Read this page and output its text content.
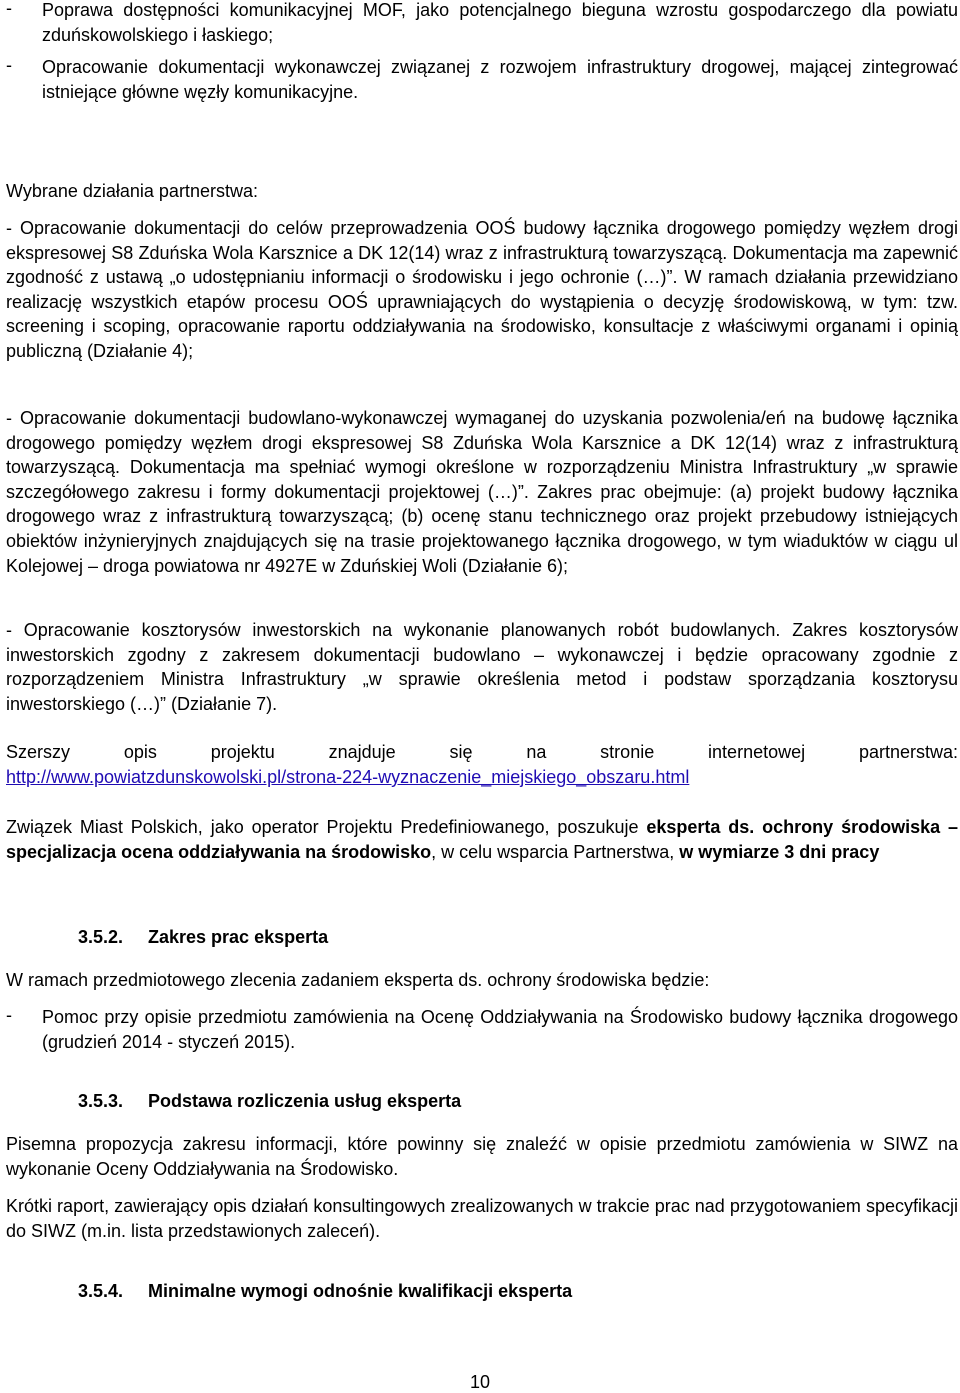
-	Poprawa dostępności komunikacyjnej MOF, jako potencjalnego bieguna wzrostu gospodarczego dla powiatu zduńskowolskiego i łaskiego;

-	Opracowanie dokumentacji wykonawczej związanej z rozwojem infrastruktury drogowej, mającej zintegrować istniejące główne węzły komunikacyjne.

Wybrane działania partnerstwa:

- Opracowanie dokumentacji do celów przeprowadzenia OOŚ budowy łącznika drogowego pomiędzy węzłem drogi ekspresowej S8 Zduńska Wola Karsznice a DK 12(14) wraz z infrastrukturą towarzyszącą. Dokumentacja ma zapewnić zgodność z ustawą „o udostępnianiu informacji o środowisku i jego ochronie (…)”. W ramach działania przewidziano realizację wszystkich etapów procesu OOŚ uprawniających do wystąpienia o decyzję środowiskową, w tym: tzw. screening i scoping, opracowanie raportu oddziaływania na środowisko, konsultacje z właściwymi organami i opinią publiczną (Działanie 4);

- Opracowanie dokumentacji budowlano-wykonawczej wymaganej do uzyskania pozwolenia/eń na budowę łącznika drogowego pomiędzy węzłem drogi ekspresowej S8 Zduńska Wola Karsznice a DK 12(14) wraz z infrastrukturą towarzyszącą. Dokumentacja ma spełniać wymogi określone w rozporządzeniu Ministra Infrastruktury „w sprawie szczegółowego zakresu i formy dokumentacji projektowej (…)”. Zakres prac obejmuje: (a) projekt budowy łącznika drogowego wraz z infrastrukturą towarzyszącą; (b) ocenę stanu technicznego oraz projekt przebudowy istniejących obiektów inżynieryjnych znajdujących się na trasie projektowanego łącznika drogowego, w tym wiaduktów w ciągu ul Kolejowej – droga powiatowa nr 4927E w Zduńskiej Woli (Działanie 6);

- Opracowanie kosztorysów inwestorskich na wykonanie planowanych robót budowlanych. Zakres kosztorysów inwestorskich zgodny z zakresem dokumentacji budowlano – wykonawczej i będzie opracowany zgodnie z rozporządzeniem Ministra Infrastruktury „w sprawie określenia metod i podstaw sporządzania kosztorysu inwestorskiego (…)” (Działanie 7).

Szerszy opis projektu znajduje się na stronie internetowej partnerstwa:

http://www.powiatzdunskowolski.pl/strona-224-wyznaczenie_miejskiego_obszaru.html

Związek Miast Polskich, jako operator Projektu Predefiniowanego, poszukuje eksperta ds. ochrony środowiska – specjalizacja ocena oddziaływania na środowisko, w celu wsparcia Partnerstwa, w wymiarze 3 dni pracy

3.5.2. Zakres prac eksperta

W ramach przedmiotowego zlecenia zadaniem eksperta ds. ochrony środowiska będzie:

-	Pomoc przy opisie przedmiotu zamówienia na Ocenę Oddziaływania na Środowisko budowy łącznika drogowego (grudzień 2014 - styczeń 2015).

3.5.3. Podstawa rozliczenia usług eksperta

Pisemna propozycja zakresu informacji, które powinny się znaleźć w opisie przedmiotu zamówienia w SIWZ na wykonanie Oceny Oddziaływania na Środowisko.

Krótki raport, zawierający opis działań konsultingowych zrealizowanych w trakcie prac nad przygotowaniem specyfikacji do SIWZ (m.in. lista przedstawionych zaleceń).

3.5.4. Minimalne wymogi odnośnie kwalifikacji eksperta

10
